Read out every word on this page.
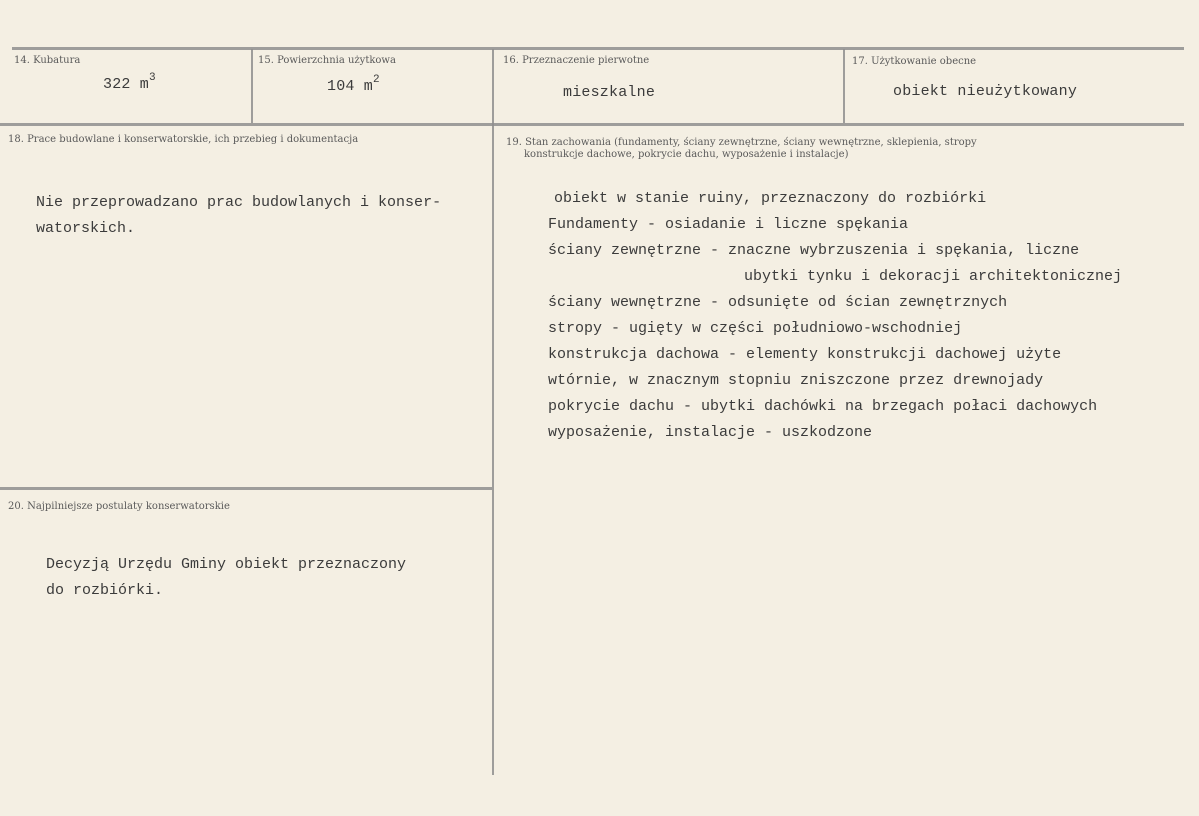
14. Kubatura
322 $m^3$
15. Powierzchnia użytkowa
104 $m^2$
16. Przeznaczenie pierwotne
mieszkalne
17. Użytkowanie obecne
obiekt nieużytkowany
18. Prace budowlane i konserwatorskie, ich przebieg i dokumentacja
Nie przeprowadzano prac budowlanych i konser-
watorskich.
19. Stan zachowania (fundamenty, ściany zewnętrzne, ściany wewnętrzne, sklepienia, stropy
konstrukcje dachowe, pokrycie dachu, wyposażenie i instalacje)
obiekt w stanie ruiny, przeznaczony do rozbiórki
Fundamenty - osiadanie i liczne spękania
ściany zewnętrzne - znaczne wybrzuszenia i spękania, liczne
ubytki tynku i dekoracji architektonicznej
ściany wewnętrzne - odsunięte od ścian zewnętrznych
stropy - ugięty w części południowo-wschodniej
konstrukcja dachowa - elementy konstrukcji dachowej użyte
wtórnie, w znacznym stopniu zniszczone przez drewnojady
pokrycie dachu - ubytki dachówki na brzegach połaci dachowych
wyposażenie, instalacje - uszkodzone
20. Najpilniejsze postulaty konserwatorskie
Decyzją Urzędu Gminy obiekt przeznaczony
do rozbiórki.
